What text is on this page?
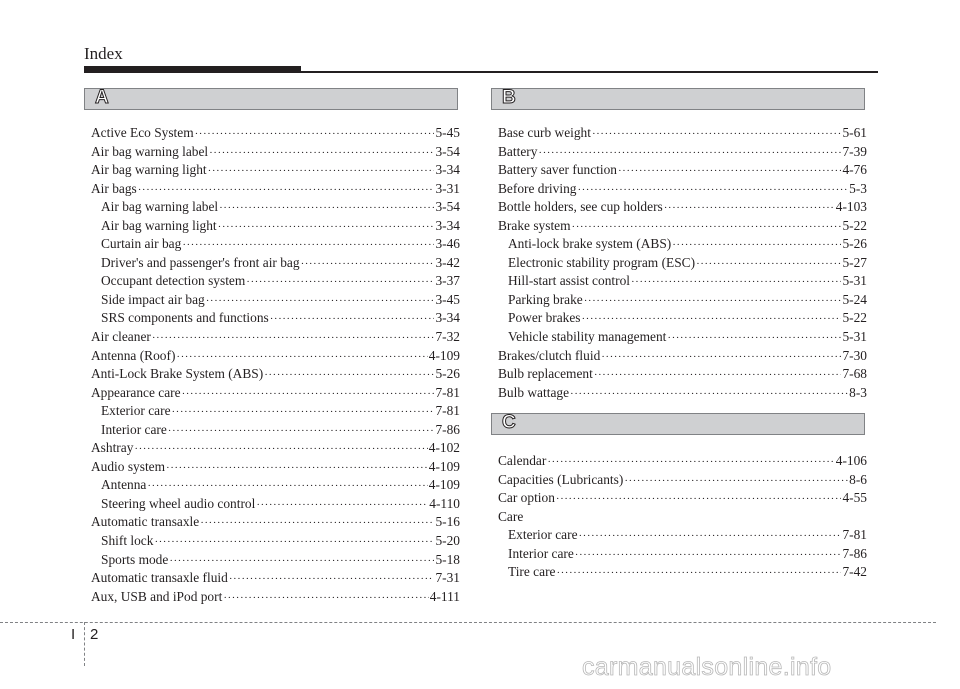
Index
A
Active Eco System ·····	5-45
Air bag warning label ·····	3-54
Air bag warning light ·····	3-34
Air bags ·····	3-31
Air bag warning label ·····	3-54
Air bag warning light ·····	3-34
Curtain air bag ·····	3-46
Driver's and passenger's front air bag ·····	3-42
Occupant detection system ·····	3-37
Side impact air bag ·····	3-45
SRS components and functions ·····	3-34
Air cleaner ·····	7-32
Antenna (Roof) ·····	4-109
Anti-Lock Brake System (ABS) ·····	5-26
Appearance care ·····	7-81
Exterior care ·····	7-81
Interior care ·····	7-86
Ashtray ·····	4-102
Audio system ·····	4-109
Antenna ·····	4-109
Steering wheel audio control ·····	4-110
Automatic transaxle ·····	5-16
Shift lock ·····	5-20
Sports mode ·····	5-18
Automatic transaxle fluid ·····	7-31
Aux, USB and iPod port ·····	4-111
B
Base curb weight ·····	5-61
Battery ·····	7-39
Battery saver function ·····	4-76
Before driving ·····	5-3
Bottle holders, see cup holders ·····	4-103
Brake system ·····	5-22
Anti-lock brake system (ABS) ·····	5-26
Electronic stability program (ESC) ·····	5-27
Hill-start assist control ·····	5-31
Parking brake ·····	5-24
Power brakes ·····	5-22
Vehicle stability management ·····	5-31
Brakes/clutch fluid ·····	7-30
Bulb replacement ·····	7-68
Bulb wattage ·····	8-3
C
Calendar ·····	4-106
Capacities (Lubricants) ·····	8-6
Car option ·····	4-55
Care
Exterior care ·····	7-81
Interior care ·····	7-86
Tire care ·····	7-42
I 2
carmanualsonline.info
